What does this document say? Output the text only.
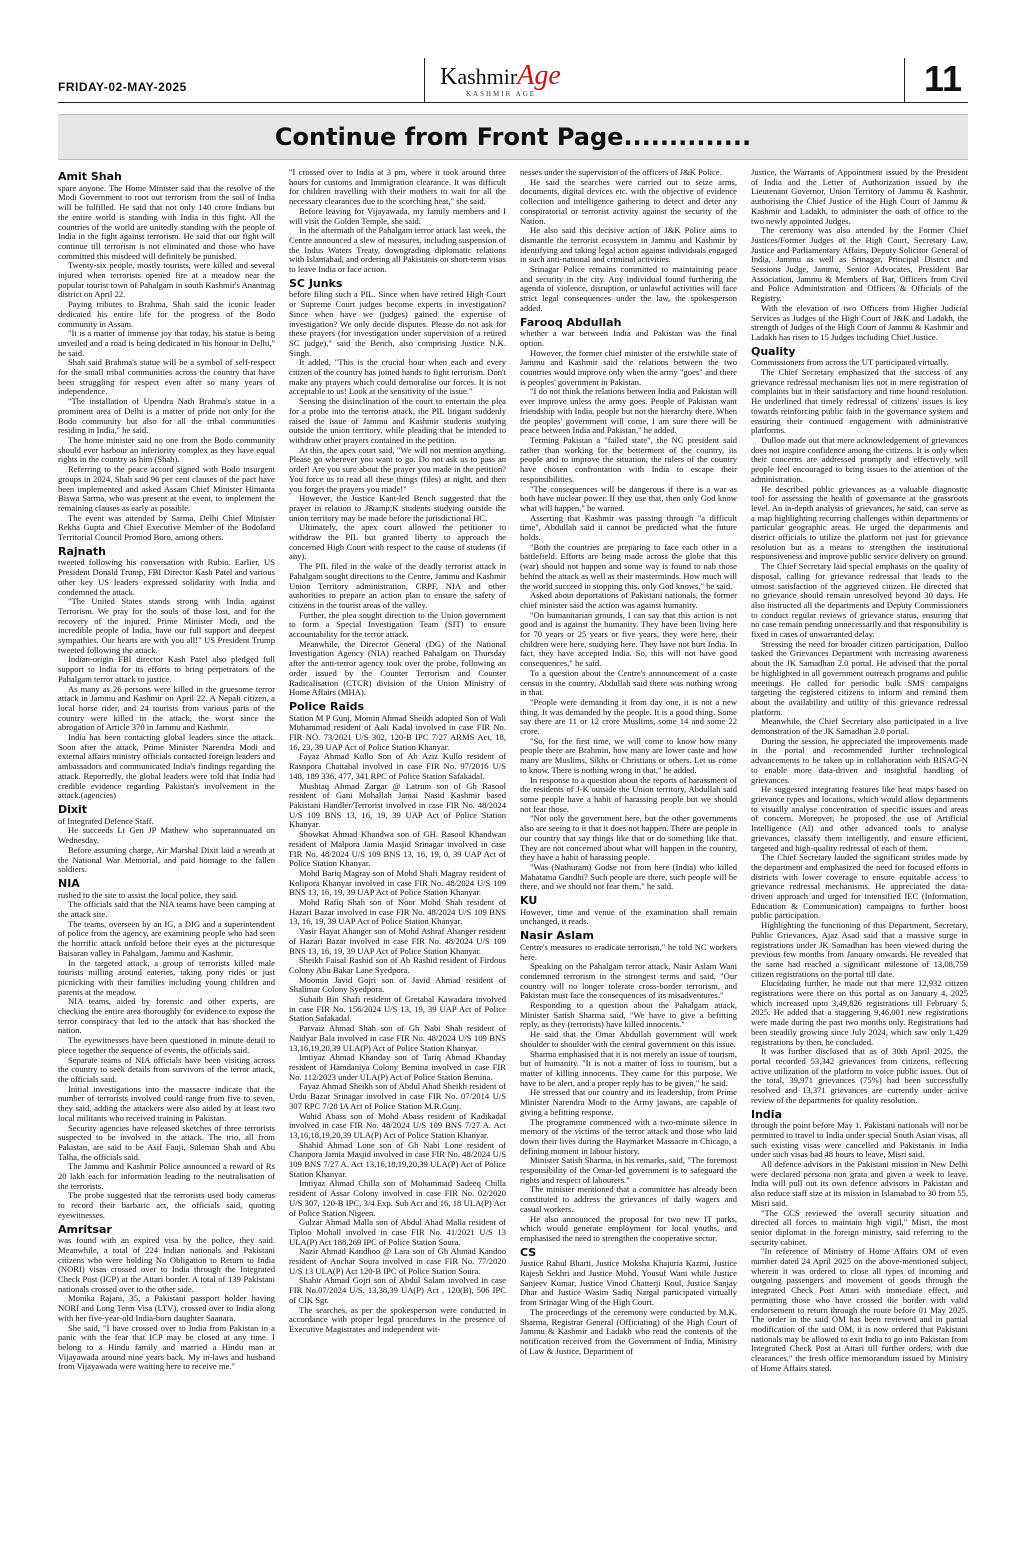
FRIDAY-02-MAY-2025	KashmirAge
KASHMIR AGE	11
Continue from Front Page..............
Amit Shah

spare anyone. The Home Minister said that the resolve of the Modi Government to root out terrorism from the soil of India will be fulfilled. He said that not only 140 crore Indians but the entire world is standing with India in this fight. All the countries of the world are unitedly standing with the people of India in the fight against terrorism. He said that our fight will continue till terrorism is not eliminated and those who have committed this misdeed will definitely be punished.

Twenty-six people, mostly tourists, were killed and several injured when terrorists opened fire at a meadow near the popular tourist town of Pahalgam in south Kashmir's Anantnag district on April 22.

Paying tributes to Brahma, Shah said the iconic leader dedicated his entire life for the progress of the Bodo community in Assam.

"It is a matter of immense joy that today, his statue is being unveiled and a road is being dedicated in his honour in Delhi," he said.

Shah said Brahma's statue will be a symbol of self-respect for the small tribal communities across the country that have been struggling for respect even after so many years of independence.

"The installation of Upendra Nath Brahma's statue in a prominent area of Delhi is a matter of pride not only for the Bodo community but also for all the tribal communities residing in India," he said.

The home minister said no one from the Bodo community should ever harbour an inferiority complex as they have equal rights in the country as him (Shah).

Referring to the peace accord signed with Bodo insurgent groups in 2024, Shah said 96 per cent clauses of the pact have been implemented and asked Assam Chief Minister Himanta Biswa Sarma, who was present at the event, to implement the remaining clauses as early as possible.

The event was attended by Sarma, Delhi Chief Minister Rekha Gupta and Chief Executive Member of the Bodoland Territorial Council Promod Boro, among others.

Rajnath

tweeted following his conversation with Rubio. Earlier, US President Donald Trump, FBI Director Kash Patel and various other key US leaders expressed solidarity with India and condemned the attack.

"The United States stands strong with India against Terrorism. We pray for the souls of those lost, and for the recovery of the injured. Prime Minister Modi, and the incredible people of India, have our full support and deepest sympathies. Our hearts are with you all!" US President Trump tweeted following the attack.

Indian-origin FBI director Kash Patel also pledged full support to India for its efforts to bring perpetrators of the Pahalgam terror attack to justice.

As many as 26 persons were killed in the gruesome terror attack in Jammu and Kashmir on April 22. A Nepali citizen, a local horse rider, and 24 tourists from various parts of the country were killed in the attack, the worst since the abrogation of Article 370 in Jammu and Kashmir.

India has been contacting global leaders since the attack. Soon after the attack, Prime Minister Narendra Modi and external affairs ministry officials contacted foreign leaders and ambassadors and communicated India's findings regarding the attack. Reportedly, the global leaders were told that India had credible evidence regarding Pakistan's involvement in the attack.(agencies)

Dixit

of Integrated Defence Staff.

He succeeds Lt Gen JP Mathew who superannuated on Wednesday.

Before assuming charge, Air Marshal Dixit laid a wreath at the National War Memorial, and paid homage to the fallen soldiers.

NIA

rushed to the site to assist the local police, they said.

The officials said that the NIA teams have been camping at the attack site.

The teams, overseen by an IG, a DIG and a superintendent of police from the agency, are examining people who had seen the horrific attack unfold before their eyes at the picturesque Baisaran valley in Pahalgam, Jammu and Kashmir.

In the targeted attack, a group of terrorists killed male tourists milling around eateries, taking pony rides or just picnicking with their families including young children and parents at the meadow.

NIA teams, aided by forensic and other experts, are checking the entire area thoroughly for evidence to expose the terror conspiracy that led to the attack that has shocked the nation.

The eyewitnesses have been questioned in minute detail to piece together the sequence of events, the officials said.

Separate teams of NIA officials have been visiting across the country to seek details from survivors of the terror attack, the officials said.

Initial investigations into the massacre indicate that the number of terrorists involved could range from five to seven, they said, adding the attackers were also aided by at least two local militants who received training in Pakistan.

Security agencies have released sketches of three terrorists suspected to be involved in the attack. The trio, all from Pakistan, are said to be Asif Fauji, Suleman Shah and Abu Talha, the officials said.

The Jammu and Kashmir Police announced a reward of Rs 20 lakh each for information leading to the neutralisation of the terrorists.

The probe suggested that the terrorists used body cameras to record their barbaric act, the officials said, quoting eyewitnesses.

Amritsar

was found with an expired visa by the police, they said. Meanwhile, a total of 224 Indian nationals and Pakistani citizens who were holding No Obligation to Return to India (NORI) visas crossed over to India through the Integrated Check Post (ICP) at the Attari border. A total of 139 Pakistani nationals crossed over to the other side.

Monika Rajani, 35, a Pakistani passport holder having NORI and Long Term Visa (LTV), crossed over to India along with her five-year-old India-born daughter Saanara.

She said, "I have crossed over to India from Pakistan in a panic with the fear that ICP may be closed at any time. I belong to a Hindu family and married a Hindu man at Vijayawada around nine years back. My in-laws and husband from Vijayawada were waiting here to receive me."

"I crossed over to India at 3 pm, where it took around three hours for customs and Immigration clearance. It was difficult for children travelling with their mothers to wait for all the necessary clearances due to the scorching heat," she said.

Before leaving for Vijayawada, my family members and I will visit the Golden Temple, she said.

In the aftermath of the Pahalgam terror attack last week, the Centre announced a slew of measures, including suspension of the Indus Waters Treaty, downgrading diplomatic relations with Islamabad, and ordering all Pakistanis on short-term visas to leave India or face action.

SC Junks

before filing such a PIL. Since when have retired High Court or Supreme Court judges become experts in investigation? Since when have we (judges) gained the expertise of investigation? We only decide disputes. Please do not ask for these prayers (for investigation under supervision of a retired SC judge)," said the Bench, also comprising Justice N.K. Singh.

It added, "This is the crucial hour when each and every citizen of the country has joined hands to fight terrorism. Don't make any prayers which could demoralise our forces. It is not acceptable to us! Look at the sensitivity of the issue."

Sensing the disinclination of the court to entertain the plea for a probe into the terrorist attack, the PIL litigant suddenly raised the issue of Jammu and Kashmir students studying outside the union territory, while pleading that he intended to withdraw other prayers contained in the petition.

At this, the apex court said, "We will not mention anything. Please go wherever you want to go. Do not ask us to pass an order! Are you sure about the prayer you made in the petition? You force us to read all these things (files) at night, and then you forget the prayers you made!"

However, the Justice Kant-led Bench suggested that the prayer in relation to J&amp;K students studying outside the union territory may be made before the jurisdictional HC.

Ultimately, the apex court allowed the petitioner to withdraw the PIL but granted liberty to approach the concerned High Court with respect to the cause of students (if any).

The PIL filed in the wake of the deadly terrorist attack in Pahalgam sought directions to the Centre, Jammu and Kashmir Union Territory administration, CRPF, NIA and other authorities to prepare an action plan to ensure the safety of citizens in the tourist areas of the valley.

Further, the plea sought direction to the Union government to form a Special Investigation Team (SIT) to ensure accountability for the terror attack.

Meanwhile, the Director General (DG) of the National Investigation Agency (NIA) reached Pahalgam on Thursday after the anti-terror agency took over the probe, following an order issued by the Counter Terrorism and Counter Radicalisation (CTCR) division of the Union Ministry of Home Affairs (MHA).

Police Raids

Station M P Gunj, Momin Ahmad Sheikh adopted Son of Wali Mohammad resident of Aali Kadal involved in case FIR No. FIR NO. 73/2021 U/S 302, 120-B IPC 7/27 ARMS Act, 18, 16, 23, 39 UAP Act of Police Station Khanyar.

Fayaz Ahmad Kullo Son of Ab Aziz Kullo resident of Rasnpora Chattabal involved in case FIR No. 97/2016 U/S 148, 189 336, 477, 341 RPC of Police Station Safakadal.

Mushtaq Ahmad Zargar @ Latrum son of Gh Rasool resident of Gani Mohallah Jamai Nasid Kashmir based Pakistani Handler/Terrorist involved in case FIR No. 48/2024 U/S 109 BNS 13, 16, 19, 39 UAP Act of Police Station Khanyar.

Showkat Ahmad Khandwa son of GH. Rasool Khandwan resident of Malpora Jamia Masjid Srinagar involved in case FIR No. 48/2024 U/S 109 BNS 13, 16, 19, 0, 39 UAP Act of Police Station Khanyar.

Mohd Bariq Magray son of Mohd Shafi Magray resident of Kolipora Khanyar involved in case FIR No. 48/2024 U/S 109 BNS 13, 16, 19, 39 UAP Act of Police Station Khanyar.

Mohd Rafiq Shah son of Noor Mohd Shah resident of Hazari Bazar involved in case FIR No. 48/2024 U/S 109 BNS 13, 16, 19, 39 UAP Act of Police Station Khanyar.

Yasir Hayat Ahanger son of Mohd Ashraf Ahanger resident of Hazari Bazar involved in case FIR No. 48/2024 U/S 109 BNS 13, 16, 19, 39 UAP Act of Police Station Khanyar.

Sheikh Faisal Rashid son of Ab Rashid resident of Firdous Colony Abu Bakar Lane Syedpora.

Moomin Javid Gojri son of Javid Ahmad resident of Shalimar Colony Syedpora.

Suhaib Bin Shafi resident of Gretabal Kawadara involved in case FIR No. 156/2024 U/S 13, 19, 39 UAP Act of Police Station Safakadal.

Parvaiz Ahmad Shah son of Gh Nabi Shah resident of Naidyar Bala involved in case FIR No. 48/2024 U/S 109 BNS 13,16,19,20,39 ULA(P) Act of Police Station Khanyar.

Imtiyaz Ahmad Khanday son of Tariq Ahmad Khanday resident of Hamdaniya Colony Bemina involved in case FIR No. 112/2023 under ULA(P) Act of Police Station Bemina.

Fayaz Ahmad Sheikh son of Abdul Ahad Sheikh resident of Urdu Bazar Srinagar involved in case FIR No. 07/2014 U/S 307 RPC 7/28 IA Act of Police Station M.R.Gunj.

Wahid Abass son of Mohd Abass resident of Kadikadal involved in case FIR No. 48/2024 U/S 109 BNS 7/27 A. Act 13,16,18,19,20,39 ULA(P) Act of Police Station Khanyar.

Shahid Ahmad Lone son of Gh Nabi Lone resident of Chanpora Jamia Masjid involved in case FIR No. 48/2024 U/S 109 BNS 7/27 A. Act 13,16,18,19,20,39 ULA(P) Act of Police Station Khanyar.

Imtiyaz Ahmad Chilla son of Mohammad Sadeeq Chilla resident of Assar Colony involved in case FIR No. 02/2020 U/S 307, 120-B IPC, 3/4 Exp. Sub Act and 16, 18 ULA(P) Act of Police Station Nigeen.

Gulzar Ahmad Malla son of Abdul Ahad Malla resident of Tiploo Mohall involved in case FIR No. 41/2021 U/S 13 ULA(P) Act 188,269 IPC of Police Station Soura.

Nazir Ahmad Kandhoo @ Lara son of Gh Ahmad Kandoo resident of Anchar Soura involved in case FIR No. 77/2020 U/S 13 ULA(P) Act 120-B IPC of Police Station Soura.

Shabir Ahmad Gojri son of Abdul Salam involved in case FIR No.07/2024 U/S. 13,38,39 UA(P) Act , 120(B), 506 IPC of CIK Sgr.

The searches, as per the spokesperson were conducted in accordance with proper legal procedures in the presence of Executive Magistrates and independent wit-

nesses under the supervision of the officers of J&K Police.

He said the searches were carried out to seize arms, documents, digital devices etc. with the objective of evidence collection and intelligence gathering to detect and deter any conspiratorial or terrorist activity against the security of the Nation.

He also said this decisive action of J&K Police aims to dismantle the terrorist ecosystem in Jammu and Kashmir by identifying and taking legal action against individuals engaged in such anti-national and criminal activities.

Srinagar Police remains committed to maintaining peace and security in the city. Any individual found furthering the agenda of violence, disruption, or unlawful activities will face strict legal consequences under the law, the spokesperson added.

Farooq Abdullah

whether a war between India and Pakistan was the final option.

However, the former chief minister of the erstwhile state of Jammu and Kashmir said the relations between the two countries would improve only when the army "goes" and there is peoples' government in Pakistan.

"I do not think the relations between India and Pakistan will ever improve unless the army goes. People of Pakistan want friendship with India, people but not the hierarchy there. When the peoples' government will come, I am sure there will be peace between India and Pakistan," he added.

Terming Pakistan a "failed state", the NC president said rather than working for the betterment of the country, its people and to improve the situation, the rulers of the country have chosen confrontation with India to escape their responsibilities.

"The consequences will be dangerous if there is a war as both have nuclear power. If they use that, then only God know what will happen," he warned.

Asserting that Kashmir was passing through "a difficult time", Abdullah said it cannot be predicted what the future holds.

"Both the countries are preparing to face each other in a battlefield. Efforts are being made across the globe that this (war) should not happen and some way is found to nab those behind the attack as well as their masterminds. How much will the world succeed in stopping this, only God knows," he said.

Asked about deportations of Pakistani nationals, the former chief minister said the action was against humanity.

"On humanitarian grounds, I can say that this action is not good and is against the humanity. They have been living here for 70 years or 25 years or five years, they were here, their children were here, studying here. They have not hurt India. In fact, they have accepted India. So, this will not have good consequences," he said.

To a question about the Centre's announcement of a caste census in the country, Abdullah said there was nothing wrong in that.

"People were demanding it from day one, it is not a new thing. It was demanded by the people. It is a good thing. Some say there are 11 or 12 crore Muslims, some 14 and some 22 crore.

"So, for the first time, we will come to know how many people there are Brahmin, how many are lower caste and how many are Muslims, Sikhs or Christians or others. Let us come to know. There is nothing wrong in that," he added.

In response to a question about the reports of harassment of the residents of J-K outside the Union territory, Abdullah said some people have a habit of harassing people but we should not fear those.

"Not only the government here, but the other governments also are seeing to it that it does not happen. There are people in our country that say things like that or do something like that. They are not concerned about what will happen in the country, they have a habit of harassing people.

"Was (Nathuram) Godse not from here (India) who killed Mahatama Gandhi? Such people are there, such people will be there, and we should not fear them," he said.

KU

However, time and venue of the examination shall remain unchanged, it reads.

Nasir Aslam

Centre's measures to eradicate terrorism," he told NC workers here.

Speaking on the Pahalgam terror attack, Nasir Aslam Wani condemned terrorism in the strongest terms and said, "Our country will no longer tolerate cross-border terrorism, and Pakistan must face the consequences of its misadventures."

Responding to a question about the Pahalgam attack, Minister Satish Sharma said, "We have to give a befitting reply, as they (terrorists) have killed innocents."

He said that the Omar Abdullah government will work shoulder to shoulder with the central government on this issue.

Sharma emphasised that it is not merely an issue of tourism, but of humanity. "It is not a matter of loss to tourism, but a matter of killing innocents. They came for this purpose. We have to be alert, and a proper reply has to be given," he said.

He stressed that our country and its leadership, from Prime Minister Narendra Modi to the Army jawans, are capable of giving a befitting response.

The programme commenced with a two-minute silence in memory of the victims of the terror attack and those who laid down their lives during the Haymarket Massacre in Chicago, a defining moment in labour history.

Minister Satish Sharma, in his remarks, said, "The foremost responsibility of the Omar-led government is to safeguard the rights and respect of labourers."

The minister mentioned that a committee has already been constituted to address the grievances of daily wagers and casual workers.

He also announced the proposal for two new IT parks, which would generate employment for local youths, and emphasised the need to strengthen the cooperative sector.

CS

Justice Rahul Bharti, Justice Moksha Khajuria Kazmi, Justice Rajesh Sekhri and Justice Mohd. Yousuf Wani while Justice Sanjeev Kumar, Justice Vinod Chatterji Koul, Justice Sanjay Dhar and Justice Wasim Sadiq Nargal participated virtually from Srinagar Wing of the High Court.

The proceedings of the ceremony were conducted by M.K. Sharma, Registrar General (Officiating) of the High Court of Jammu & Kashmir and Ladakh who read the contents of the notification received from the Government of India, Ministry of Law & Justice, Department of

Justice, the Warrants of Appointment issued by the President of India and the Letter of Authorization issued by the Lieutenant Governor, Union Territory of Jammu & Kashmir, authorising the Chief Justice of the High Court of Jammu & Kashmir and Ladakh, to administer the oath of office to the two newly appointed Judges.

The ceremony was also attended by the Former Chief Justices/Former Judges of the High Court, Secretary Law, Justice and Parliamentary Affairs, Deputy Solicitor General of India, Jammu as well as Srinagar, Principal District and Sessions Judge, Jammu, Senior Advocates, President Bar Association, Jammu & Members of Bar, Officers from Civil and Police Administration and Officers & Officials of the Registry.

With the elevation of two Officers from Higher Judicial Services as Judges of the High Court of J&K and Ladakh, the strength of Judges of the High Court of Jammu & Kashmir and Ladakh has risen to 15 Judges including Chief Justice.

Quality

Commissioners from across the UT participated virtually.

The Chief Secretary emphasized that the success of any grievance redressal mechanism lies not in mere registration of complaints but in their satisfactory and time bound resolution. He underlined that timely redressal of citizens' issues is key towards reinforcing public faith in the governance system and ensuring their continued engagement with administrative platforms.

Dulloo made out that mere acknowledgement of grievances does not inspire confidence among the citizens. It is only when their concerns are addressed promptly and effectively will people feel encouraged to bring issues to the attention of the administration.

He described public grievances as a valuable diagnostic tool for assessing the health of governance at the grassroots level. An in-depth analysis of grievances, he said, can serve as a map highlighting recurring challenges within departments or particular geographic areas. He urged the departments and district officials to utilize the platform not just for grievance resolution but as a means to strengthen the institutional responsiveness and improve public service delivery on ground.

The Chief Secretary laid special emphasis on the quality of disposal, calling for grievance redressal that leads to the utmost satisfaction of the aggrieved citizen. He directed that no grievance should remain unresolved beyond 30 days. He also instructed all the departments and Deputy Commissioners to conduct regular reviews of grievance status, ensuring that no case remain pending unnecessarily and that responsibility is fixed in cases of unwarranted delay.

Stressing the need for broader citizen participation, Dulloo tasked the Grievances Department with increasing awareness about the JK Samadhan 2.0 portal. He advised that the portal be highlighted in all government outreach programs and public meetings. He called for periodic bulk SMS campaigns targeting the registered citizens to inform and remind them about the availability and utility of this grievance redressal platform.

Meanwhile, the Chief Secretary also participated in a live demonstration of the JK Samadhan 2.0 portal.

During the session, he appreciated the improvements made in the portal and recommended further technological advancements to be taken up in collaboration with BISAG-N to enable more data-driven and insightful handling of grievances.

He suggested integrating features like heat maps based on grievance types and locations, which would allow departments to visually analyse concentration of specific issues and areas of concern. Moreover, he proposed the use of Artificial Intelligence (AI) and other advanced tools to analyse grievances, classify them intelligently, and ensure efficient, targeted and high-quality redressal of each of them.

The Chief Secretary lauded the significant strides made by the department and emphasized the need for focused efforts in districts with lower coverage to ensure equitable access to grievance redressal mechanisms. He appreciated the data-driven approach and urged for intensified IEC (Information, Education & Communication) campaigns to further boost public participation.

Highlighting the functioning of this Department, Secretary, Public Grievances, Ajaz Asad said that a massive surge in registrations under JK Samadhan has been viewed during the previous few months from January onwards. He revealed that the same had reached a significant milestone of 13,08,759 citizen registrations on the portal till date.

Elucidating further, he made out that mere 12,932 citizen registrations were there on this portal as on January 4, 2025 which increased upto 3,49,826 registrations till February 5, 2025. He added that a staggering 9,46,001 new registrations were made during the past two months only. Registrations had been steadily growing since July 2024, which saw only 1,429 registrations by then, he concluded.

It was further disclosed that as of 30th April 2025, the portal recorded 53,342 grievances from citizens, reflecting active utilization of the platform to voice public issues. Out of the total, 39,971 grievances (75%) had been successfully resolved and 13,371 grievances are currently under active review of the departments for quality resolution.

India

through the point before May 1. Pakistani nationals will not be permitted to travel to India under special South Asian visas, all such existing visas were cancelled and Pakistanis in India under such visas had 48 hours to leave, Misri said.

All defence advisors in the Pakistani mission in New Delhi were declared persona non grata and given a week to leave. India will pull out its own defence advisors in Pakistan and also reduce staff size at its mission in Islamabad to 30 from 55, Misri said.

"The CCS reviewed the overall security situation and directed all forces to maintain high vigil," Misri, the most senior diplomat in the foreign ministry, said referring to the security cabinet.

"In reference of Ministry of Home Affairs OM of even number dated 24 April 2025 on the above-mentioned subject, wherein it was ordered to close all types of incoming and outgoing passengers and movement of goods through the integrated Check Post Attari with immediate effect, and permitting those who have crossed the border with valid endorsement to return through the route before 01 May 2025. The order in the said OM has been reviewed and in partial modification of the said OM, it is now ordered that Pakistani nationals may be allowed to exit India to go into Pakistan from Integrated Check Post at Attari till further orders, with due clearances," the fresh office memorandum issued by Ministry of Home Affairs stated.
